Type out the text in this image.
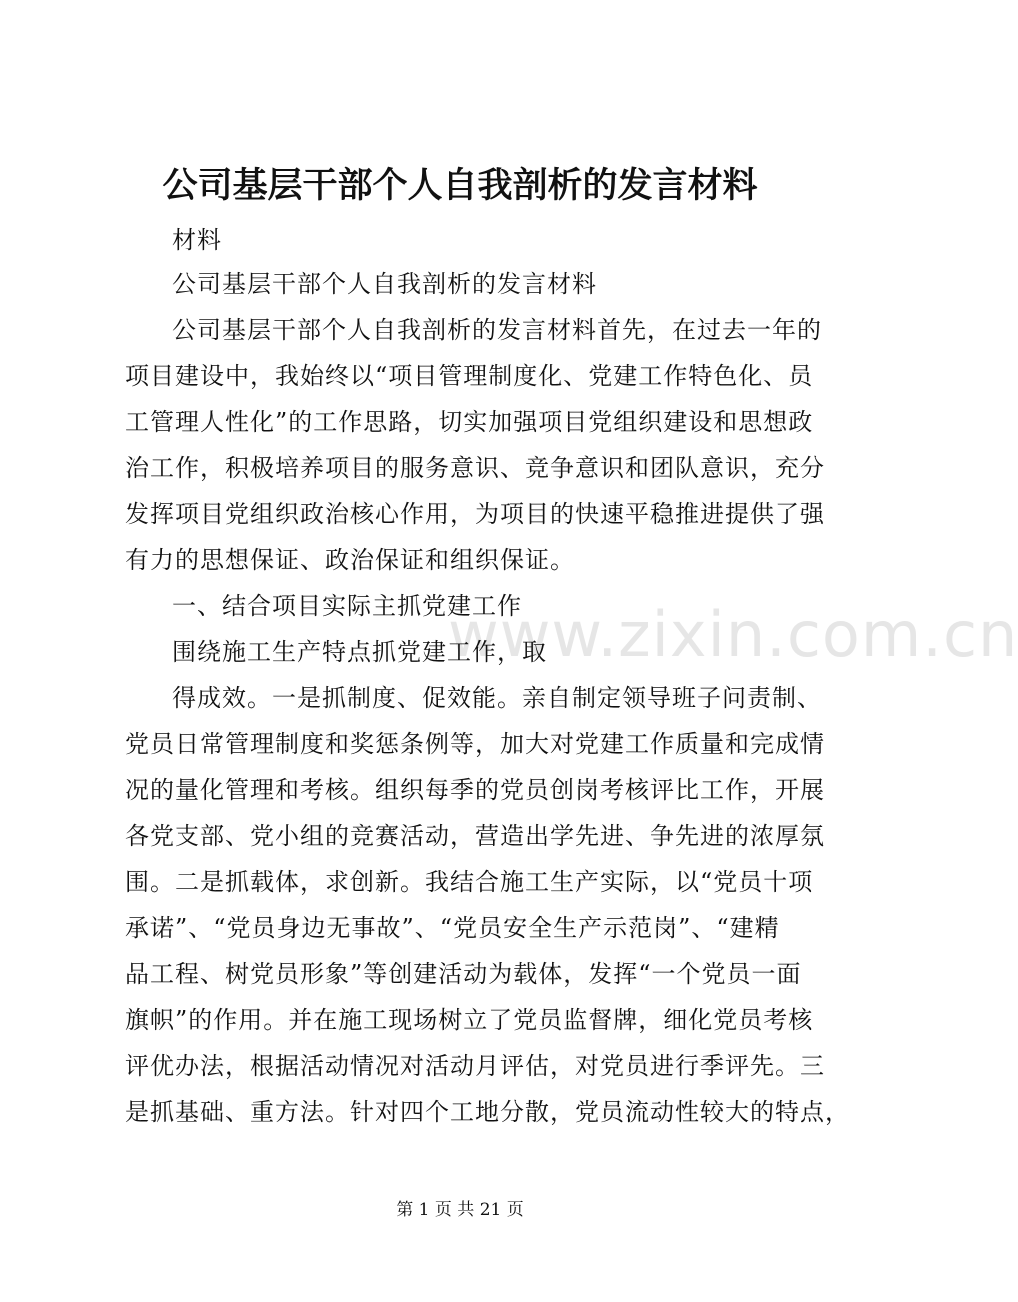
公司基层干部个人自我剖析的发言材料
www.zixin.com.cn
材料
公司基层干部个人自我剖析的发言材料
公司基层干部个人自我剖析的发言材料首先，在过去一年的
项目建设中，我始终以“项目管理制度化、党建工作特色化、员
工管理人性化”的工作思路，切实加强项目党组织建设和思想政
治工作，积极培养项目的服务意识、竞争意识和团队意识，充分
发挥项目党组织政治核心作用，为项目的快速平稳推进提供了强
有力的思想保证、政治保证和组织保证。
一、结合项目实际主抓党建工作
围绕施工生产特点抓党建工作，取
得成效。一是抓制度、促效能。亲自制定领导班子问责制、
党员日常管理制度和奖惩条例等，加大对党建工作质量和完成情
况的量化管理和考核。组织每季的党员创岗考核评比工作，开展
各党支部、党小组的竞赛活动，营造出学先进、争先进的浓厚氛
围。二是抓载体，求创新。我结合施工生产实际，以“党员十项
承诺”、“党员身边无事故”、“党员安全生产示范岗”、“建精
品工程、树党员形象”等创建活动为载体，发挥“一个党员一面
旗帜”的作用。并在施工现场树立了党员监督牌，细化党员考核
评优办法，根据活动情况对活动月评估，对党员进行季评先。三
是抓基础、重方法。针对四个工地分散，党员流动性较大的特点，
第 1 页 共 21 页
